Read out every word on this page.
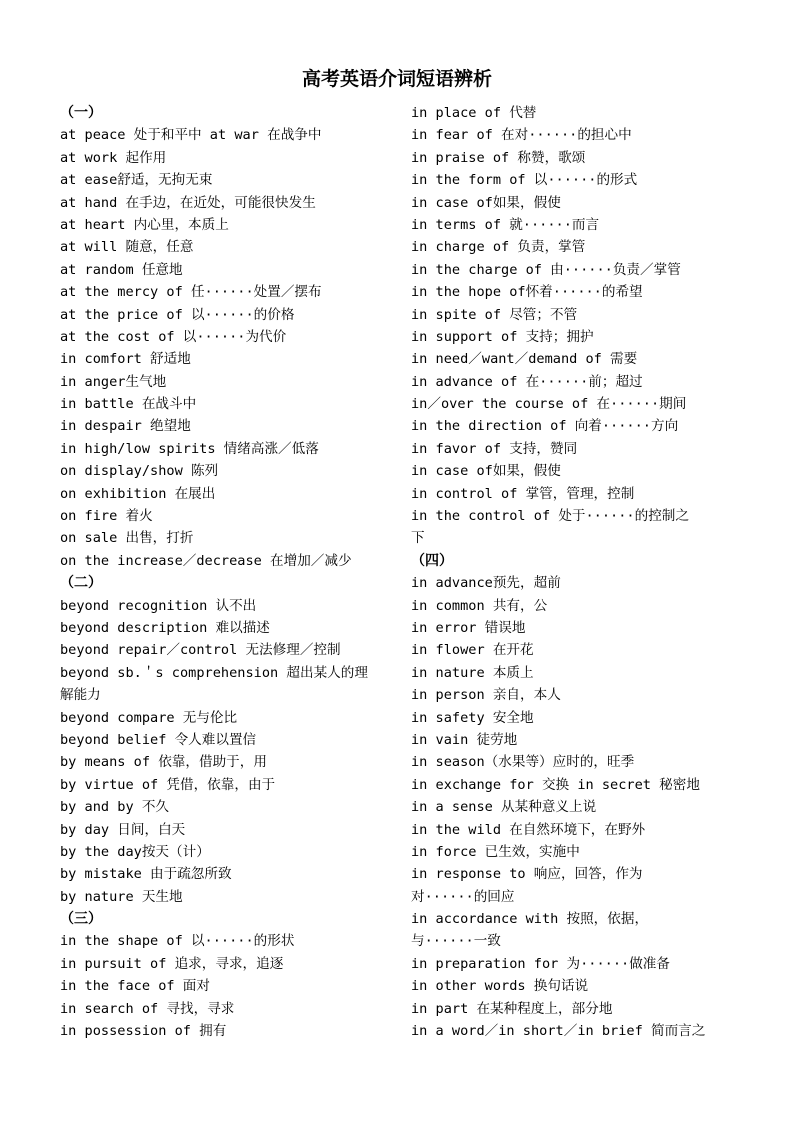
高考英语介词短语辨析
（一）
at peace 处于和平中 at war 在战争中
at work 起作用
at ease舒适，无拘无束
at hand 在手边，在近处，可能很快发生
at heart 内心里，本质上
at will 随意，任意
at random 任意地
at the mercy of 任······处置／摆布
at the price of 以······的价格
at the cost of 以······为代价
in comfort 舒适地
in anger生气地
in battle 在战斗中
in despair 绝望地
in high/low spirits 情绪高涨／低落
on display/show 陈列
on exhibition 在展出
on fire 着火
on sale 出售，打折
on the increase／decrease 在增加／减少
（二）
beyond recognition 认不出
beyond description 难以描述
beyond repair／control 无法修理／控制
beyond sb.＇s comprehension 超出某人的理
解能力
beyond compare 无与伦比
beyond belief 令人难以置信
by means of 依靠，借助于，用
by virtue of 凭借，依靠，由于
by and by 不久
by day 日间，白天
by the day按天（计）
by mistake 由于疏忽所致
by nature 天生地
（三）
in the shape of 以······的形状
in pursuit of 追求，寻求，追逐
in the face of 面对
in search of 寻找，寻求
in possession of 拥有
in place of 代替
in fear of 在对······的担心中
in praise of 称赞，歌颂
in the form of 以······的形式
in case of如果，假使
in terms of 就······而言
in charge of 负责，掌管
in the charge of 由······负责／掌管
in the hope of怀着······的希望
in spite of 尽管；不管
in support of 支持；拥护
in need／want／demand of 需要
in advance of 在······前；超过
in／over the course of 在······期间
in the direction of 向着······方向
in favor of 支持，赞同
in case of如果，假使
in control of 掌管，管理，控制
in the control of 处于······的控制之
下
（四）
in advance预先，超前
in common 共有，公
in error 错误地
in flower 在开花
in nature 本质上
in person 亲自，本人
in safety 安全地
in vain 徒劳地
in season（水果等）应时的，旺季
in exchange for 交换 in secret 秘密地
in a sense 从某种意义上说
in the wild 在自然环境下，在野外
in force 已生效，实施中
in response to 响应，回答，作为
对······的回应
in accordance with 按照，依据，
与······一致
in preparation for 为······做准备
in other words 换句话说
in part 在某种程度上，部分地
in a word／in short／in brief 简而言之
